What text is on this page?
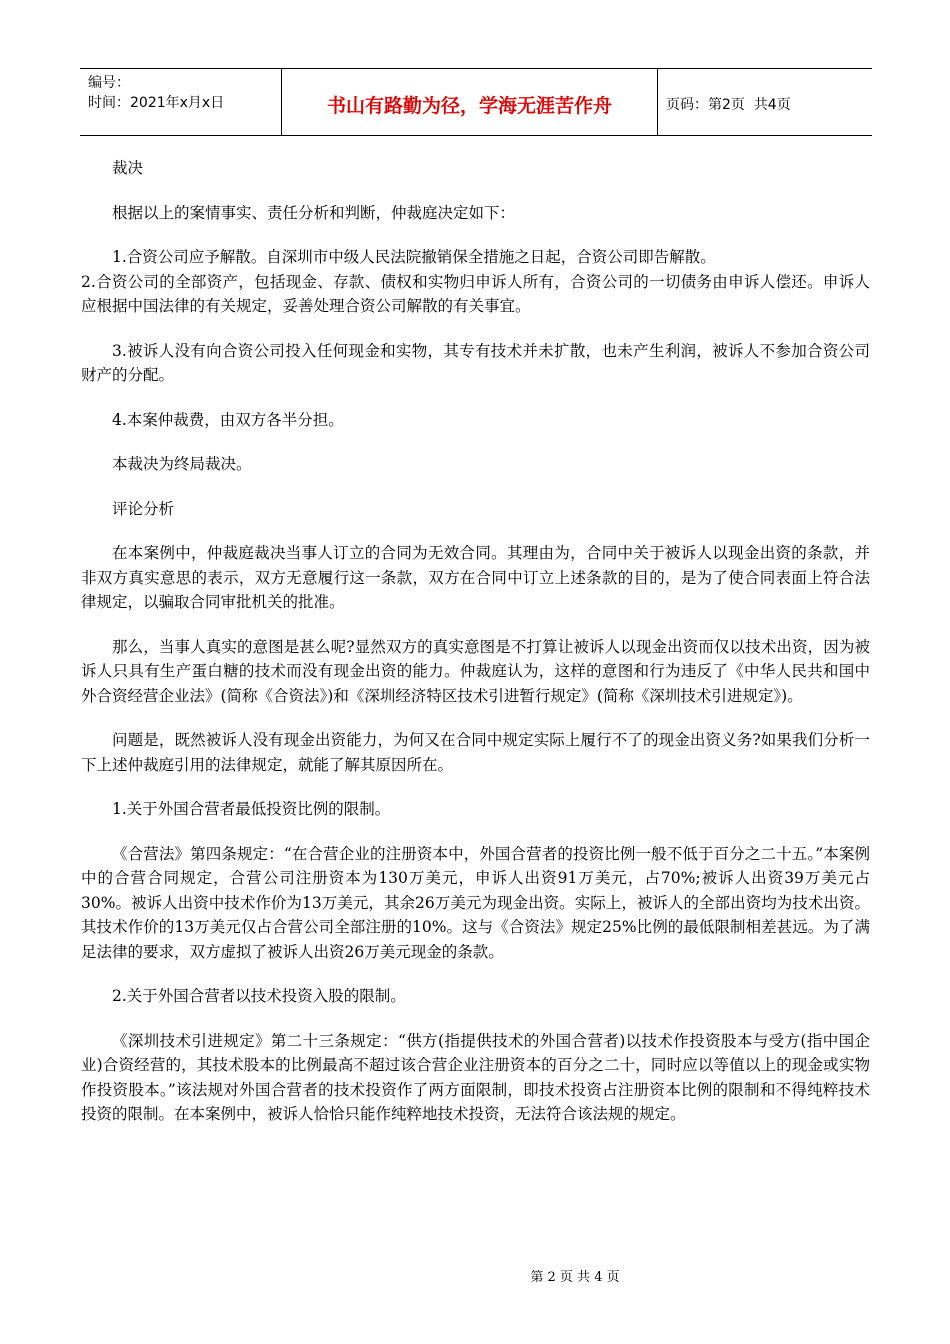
编号：
时间：2021年x月x日	书山有路勤为径，学海无涯苦作舟	页码：第2页  共4页

裁决

根据以上的案情事实、责任分析和判断，仲裁庭决定如下：

1.合资公司应予解散。自深圳市中级人民法院撤销保全措施之日起，合资公司即告解散。

2.合资公司的全部资产，包括现金、存款、债权和实物归申诉人所有，合资公司的一切债务由申诉人偿还。申诉人应根据中国法律的有关规定，妥善处理合资公司解散的有关事宜。

3.被诉人没有向合资公司投入任何现金和实物，其专有技术并未扩散，也未产生利润，被诉人不参加合资公司财产的分配。

4.本案仲裁费，由双方各半分担。

本裁决为终局裁决。

评论分析

在本案例中，仲裁庭裁决当事人订立的合同为无效合同。其理由为，合同中关于被诉人以现金出资的条款，并非双方真实意思的表示，双方无意履行这一条款，双方在合同中订立上述条款的目的，是为了使合同表面上符合法律规定，以骗取合同审批机关的批准。

那么，当事人真实的意图是甚么呢?显然双方的真实意图是不打算让被诉人以现金出资而仅以技术出资，因为被诉人只具有生产蛋白糖的技术而没有现金出资的能力。仲裁庭认为，这样的意图和行为违反了《中华人民共和国中外合资经营企业法》(简称《合资法》)和《深圳经济特区技术引进暂行规定》(简称《深圳技术引进规定》)。

问题是，既然被诉人没有现金出资能力，为何又在合同中规定实际上履行不了的现金出资义务?如果我们分析一下上述仲裁庭引用的法律规定，就能了解其原因所在。

1.关于外国合营者最低投资比例的限制。

《合营法》第四条规定：“在合营企业的注册资本中，外国合营者的投资比例一般不低于百分之二十五。”本案例中的合营合同规定，合营公司注册资本为130万美元，申诉人出资91万美元，占70%;被诉人出资39万美元占30%。被诉人出资中技术作价为13万美元，其余26万美元为现金出资。实际上，被诉人的全部出资均为技术出资。其技术作价的13万美元仅占合营公司全部注册的10%。这与《合资法》规定25%比例的最低限制相差甚远。为了满足法律的要求，双方虚拟了被诉人出资26万美元现金的条款。

2.关于外国合营者以技术投资入股的限制。

《深圳技术引进规定》第二十三条规定：“供方(指提供技术的外国合营者)以技术作投资股本与受方(指中国企业)合资经营的，其技术股本的比例最高不超过该合营企业注册资本的百分之二十，同时应以等值以上的现金或实物作投资股本。”该法规对外国合营者的技术投资作了两方面限制，即技术投资占注册资本比例的限制和不得纯粹技术投资的限制。在本案例中，被诉人恰恰只能作纯粹地技术投资，无法符合该法规的规定。

第 2 页 共 4 页
